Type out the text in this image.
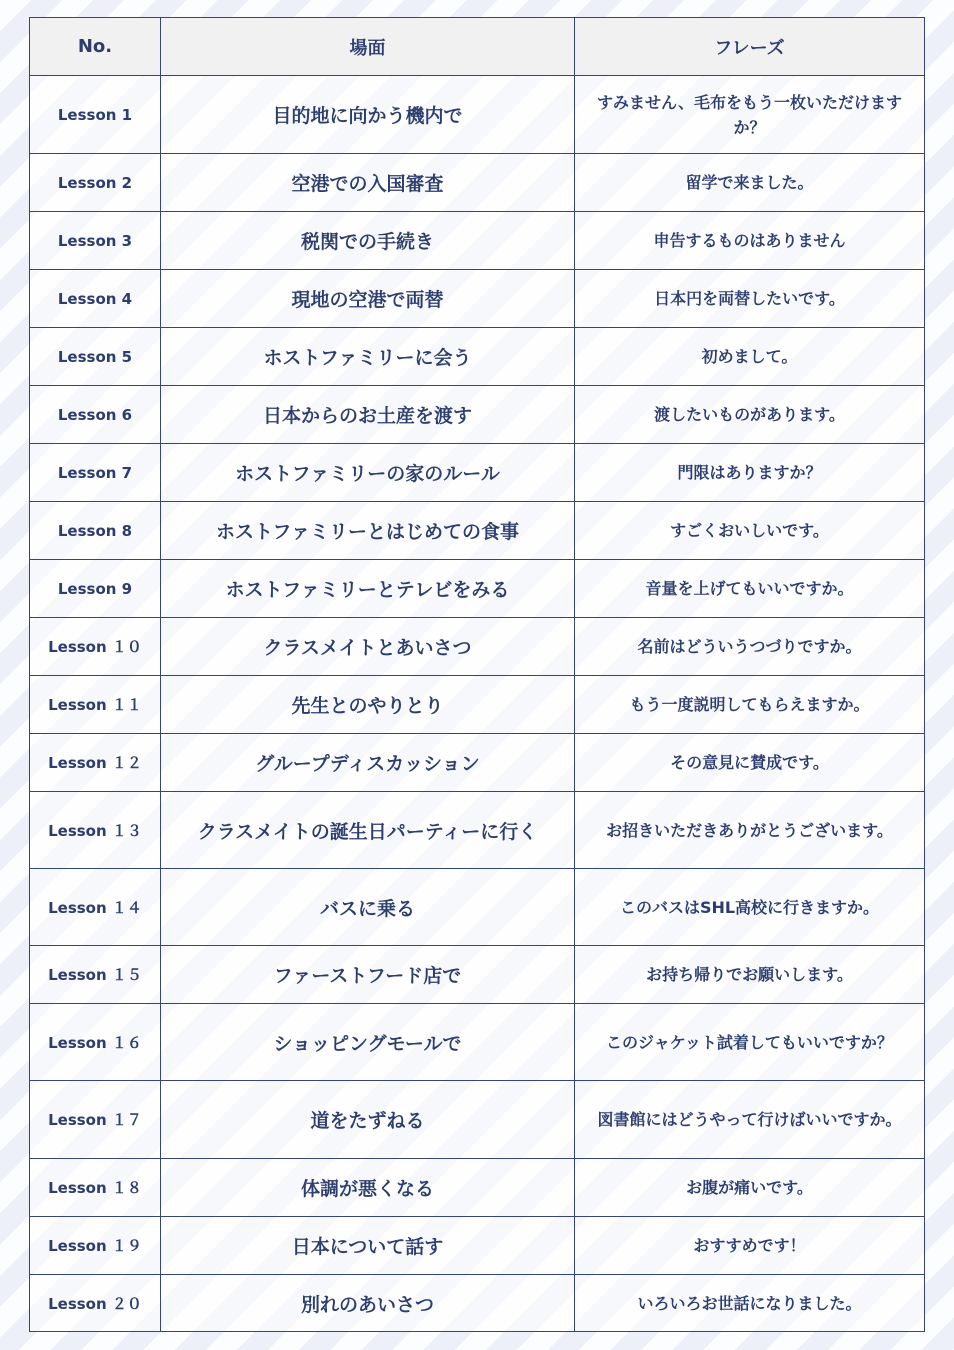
No.	場面	フレーズ
Lesson 1	目的地に向かう機内で	すみません、毛布をもう一枚いただけますか？
Lesson 2	空港での入国審査	留学で来ました。
Lesson 3	税関での手続き	申告するものはありません
Lesson 4	現地の空港で両替	日本円を両替したいです。
Lesson 5	ホストファミリーに会う	初めまして。
Lesson 6	日本からのお土産を渡す	渡したいものがあります。
Lesson 7	ホストファミリーの家のルール	門限はありますか？
Lesson 8	ホストファミリーとはじめての食事	すごくおいしいです。
Lesson 9	ホストファミリーとテレビをみる	音量を上げてもいいですか。
Lesson １０	クラスメイトとあいさつ	名前はどういうつづりですか。
Lesson １１	先生とのやりとり	もう一度説明してもらえますか。
Lesson １２	グループディスカッション	その意見に賛成です。
Lesson １３	クラスメイトの誕生日パーティーに行く	お招きいただきありがとうございます。
Lesson １４	バスに乗る	このバスはSHL高校に行きますか。
Lesson １５	ファーストフード店で	お持ち帰りでお願いします。
Lesson １６	ショッピングモールで	このジャケット試着してもいいですか？
Lesson １７	道をたずねる	図書館にはどうやって行けばいいですか。
Lesson １８	体調が悪くなる	お腹が痛いです。
Lesson １９	日本について話す	おすすめです！
Lesson ２０	別れのあいさつ	いろいろお世話になりました。
